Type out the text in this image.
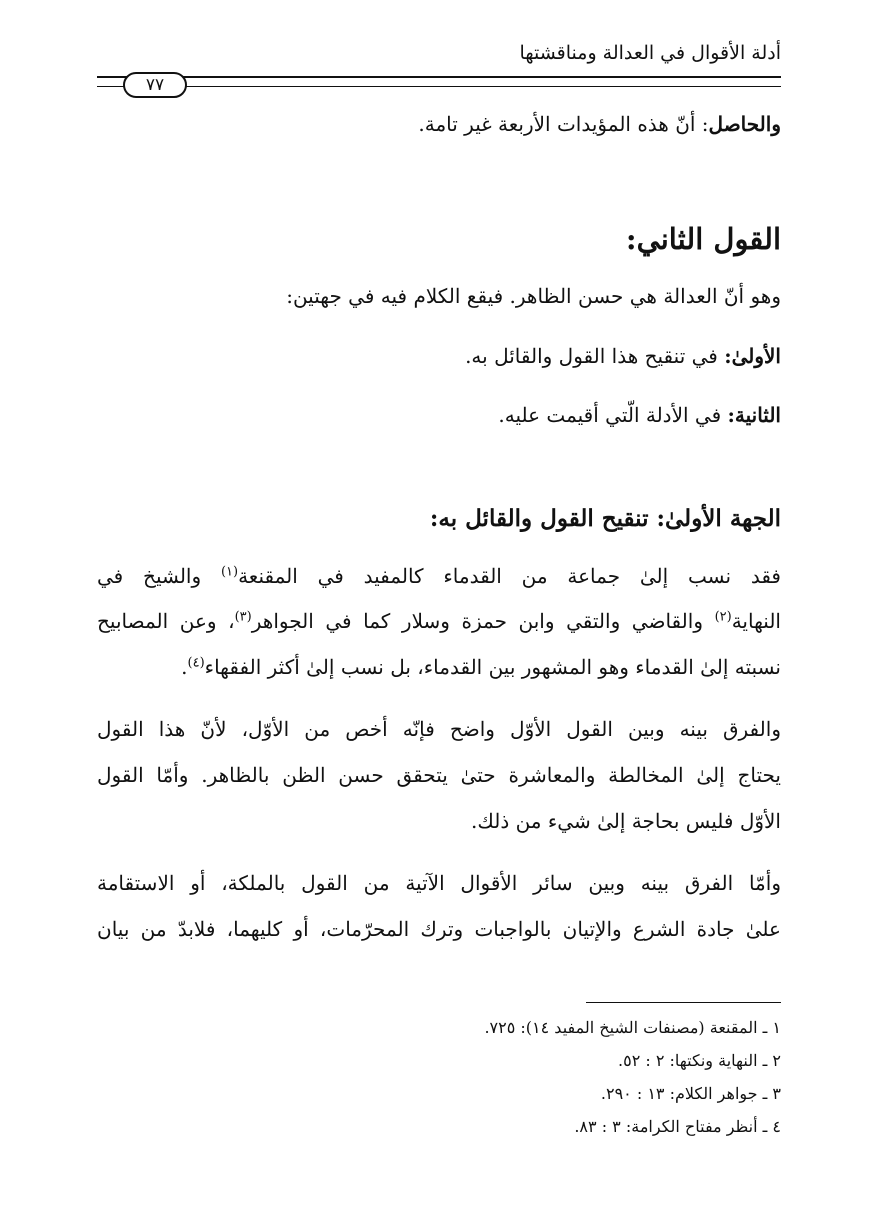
أدلة الأقوال في العدالة ومناقشتها
٧٧
والحاصل: أنّ هذه المؤيدات الأربعة غير تامة.
القول الثاني:
وهو أنّ العدالة هي حسن الظاهر. فيقع الكلام فيه في جهتين:
الأولىٰ: في تنقيح هذا القول والقائل به.
الثانية: في الأدلة الّتي أقيمت عليه.
الجهة الأولىٰ: تنقيح القول والقائل به:
فقد نسب إلىٰ جماعة من القدماء كالمفيد في المقنعة$^{(١)}$ والشيخ في
النهاية$^{(٢)}$ والقاضي والتقي وابن حمزة وسلار كما في الجواهر$^{(٣)}$، وعن المصابيح
نسبته إلىٰ القدماء وهو المشهور بين القدماء، بل نسب إلىٰ أكثر الفقهاء$^{(٤)}$.
والفرق بينه وبين القول الأوّل واضح فإنّه أخص من الأوّل، لأنّ هذا القول
يحتاج إلىٰ المخالطة والمعاشرة حتىٰ يتحقق حسن الظن بالظاهر. وأمّا القول
الأوّل فليس بحاجة إلىٰ شيء من ذلك.
وأمّا الفرق بينه وبين سائر الأقوال الآتية من القول بالملكة، أو الاستقامة
علىٰ جادة الشرع والإتيان بالواجبات وترك المحرّمات، أو كليهما، فلابدّ من بيان
١ ـ المقنعة (مصنفات الشيخ المفيد ١٤): ٧٢٥.
٢ ـ النهاية ونكتها: ٢ : ٥٢.
٣ ـ جواهر الكلام: ١٣ : ٢٩٠.
٤ ـ أنظر مفتاح الكرامة: ٣ : ٨٣.
